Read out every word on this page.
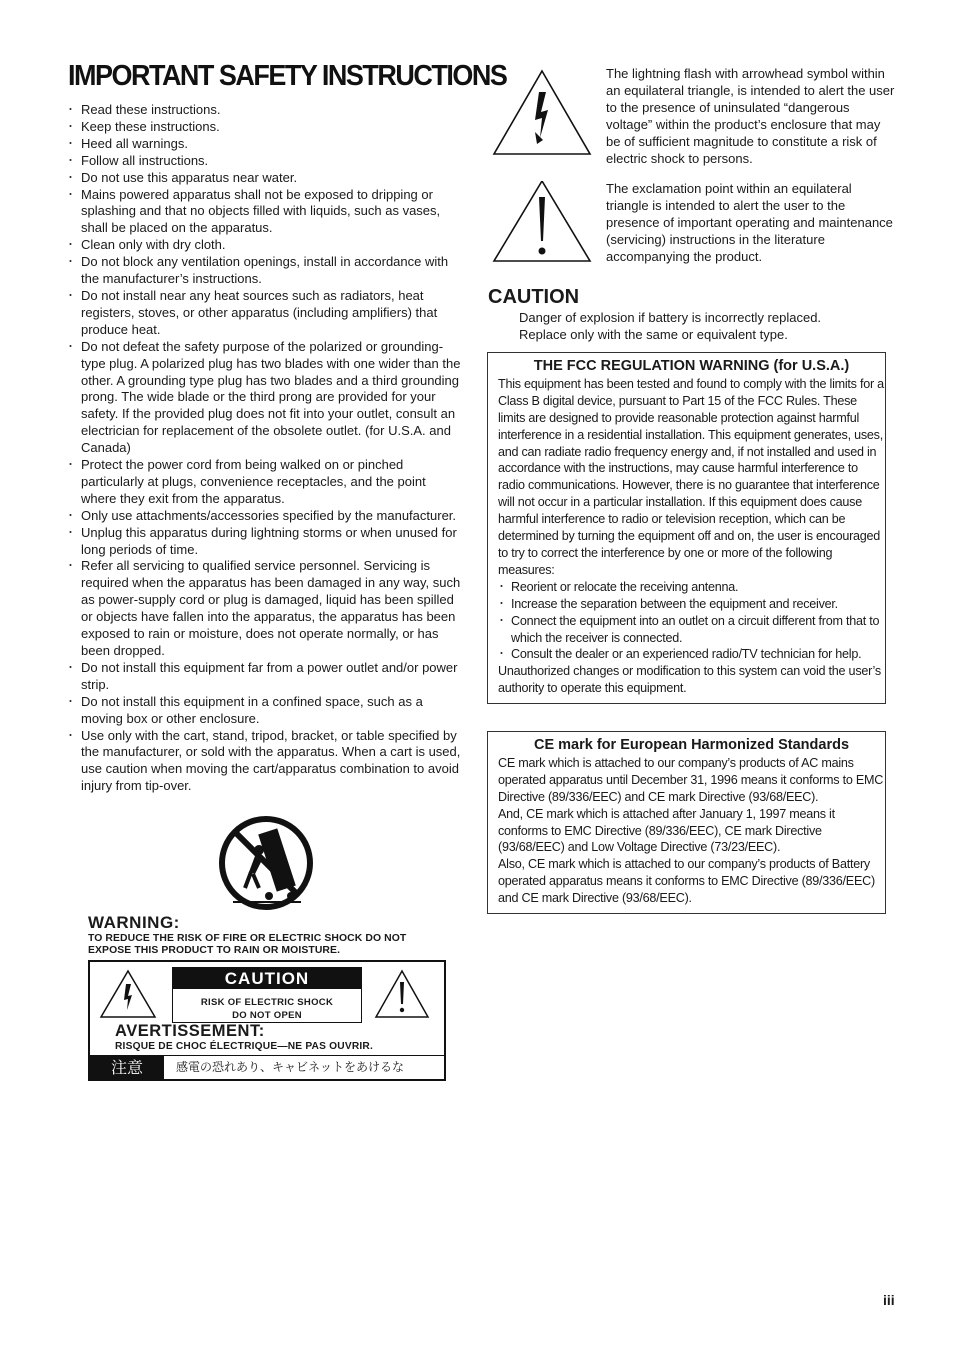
IMPORTANT SAFETY INSTRUCTIONS
・ Read these instructions.
・ Keep these instructions.
・ Heed all warnings.
・ Follow all instructions.
・ Do not use this apparatus near water.
・ Mains powered apparatus shall not be exposed to dripping or splashing and that no objects filled with liquids, such as vases, shall be placed on the apparatus.
・ Clean only with dry cloth.
・ Do not block any ventilation openings, install in accordance with the manufacturer’s instructions.
・ Do not install near any heat sources such as radiators, heat registers, stoves, or other apparatus (including amplifiers) that produce heat.
・ Do not defeat the safety purpose of the polarized or grounding-type plug. A polarized plug has two blades with one wider than the other. A grounding type plug has two blades and a third grounding prong. The wide blade or the third prong are provided for your safety. If the provided plug does not fit into your outlet, consult an electrician for replacement of the obsolete outlet. (for U.S.A. and Canada)
・ Protect the power cord from being walked on or pinched particularly at plugs, convenience receptacles, and the point where they exit from the apparatus.
・ Only use attachments/accessories specified by the manufacturer.
・ Unplug this apparatus during lightning storms or when unused for long periods of time.
・ Refer all servicing to qualified service personnel. Servicing is required when the apparatus has been damaged in any way, such as power-supply cord or plug is damaged, liquid has been spilled or objects have fallen into the apparatus, the apparatus has been exposed to rain or moisture, does not operate normally, or has been dropped.
・ Do not install this equipment far from a power outlet and/or power strip.
・ Do not install this equipment in a confined space, such as a moving box or other enclosure.
・ Use only with the cart, stand, tripod, bracket, or table specified by the manufacturer, or sold with the apparatus. When a cart is used, use caution when moving the cart/apparatus combination to avoid injury from tip-over.
The lightning flash with arrowhead symbol within an equilateral triangle, is intended to alert the user to the presence of uninsulated “dangerous voltage” within the product’s enclosure that may be of sufficient magnitude to constitute a risk of electric shock to persons.
The exclamation point within an equilateral triangle is intended to alert the user to the presence of important operating and maintenance (servicing) instructions in the literature accompanying the product.
CAUTION
Danger of explosion if battery is incorrectly replaced.
Replace only with the same or equivalent type.
THE FCC REGULATION WARNING (for U.S.A.)

This equipment has been tested and found to comply with the limits for a Class B digital device, pursuant to Part 15 of the FCC Rules. These limits are designed to provide reasonable protection against harmful interference in a residential installation. This equipment generates, uses, and can radiate radio frequency energy and, if not installed and used in accordance with the instructions, may cause harmful interference to radio communications. However, there is no guarantee that interference will not occur in a particular installation. If this equipment does cause harmful interference to radio or television reception, which can be determined by turning the equipment off and on, the user is encouraged to try to correct the interference by one or more of the following measures:

・ Reorient or relocate the receiving antenna.
・ Increase the separation between the equipment and receiver.
・ Connect the equipment into an outlet on a circuit different from that to which the receiver is connected.
・ Consult the dealer or an experienced radio/TV technician for help.

Unauthorized changes or modification to this system can void the user’s authority to operate this equipment.

CE mark for European Harmonized Standards

CE mark which is attached to our company’s products of AC mains operated apparatus until December 31, 1996 means it conforms to EMC Directive (89/336/EEC) and CE mark Directive (93/68/EEC).

And, CE mark which is attached after January 1, 1997 means it conforms to EMC Directive (89/336/EEC), CE mark Directive (93/68/EEC) and Low Voltage Directive (73/23/EEC).

Also, CE mark which is attached to our company’s products of Battery operated apparatus means it conforms to EMC Directive (89/336/EEC) and CE mark Directive (93/68/EEC).

WARNING:

TO REDUCE THE RISK OF FIRE OR ELECTRIC SHOCK DO NOT

EXPOSE THIS PRODUCT TO RAIN OR MOISTURE.

CAUTION
RISK OF ELECTRIC SHOCK
DO NOT OPEN
AVERTISSEMENT:

RISQUE DE CHOC ÉLECTRIQUE—NE PAS OUVRIR.

注意	感電の恐れあり、キャビネットをあけるな
iii
